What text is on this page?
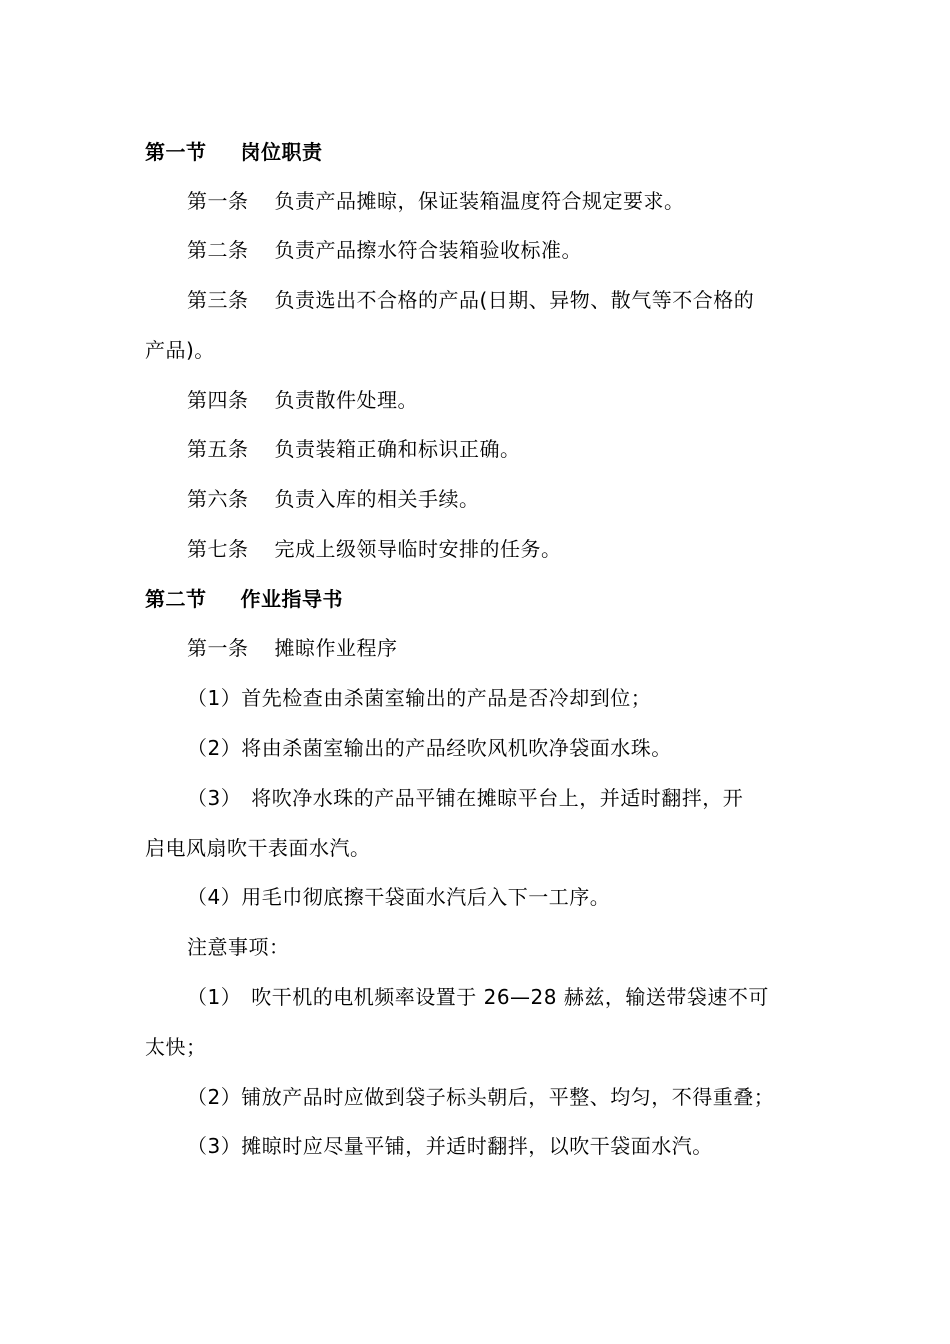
第一节 岗位职责
第一条 负责产品摊晾，保证装箱温度符合规定要求。
第二条 负责产品擦水符合装箱验收标准。
第三条 负责选出不合格的产品(日期、异物、散气等不合格的
产品)。
第四条 负责散件处理。
第五条 负责装箱正确和标识正确。
第六条 负责入库的相关手续。
第七条 完成上级领导临时安排的任务。
第二节 作业指导书
第一条 摊晾作业程序
（1）首先检查由杀菌室输出的产品是否冷却到位；
（2）将由杀菌室输出的产品经吹风机吹净袋面水珠。
（3） 将吹净水珠的产品平铺在摊晾平台上，并适时翻拌，开
启电风扇吹干表面水汽。
（4）用毛巾彻底擦干袋面水汽后入下一工序。
注意事项：
（1） 吹干机的电机频率设置于 26—28 赫兹，输送带袋速不可
太快；
（2）铺放产品时应做到袋子标头朝后，平整、均匀，不得重叠；
（3）摊晾时应尽量平铺，并适时翻拌，以吹干袋面水汽。
